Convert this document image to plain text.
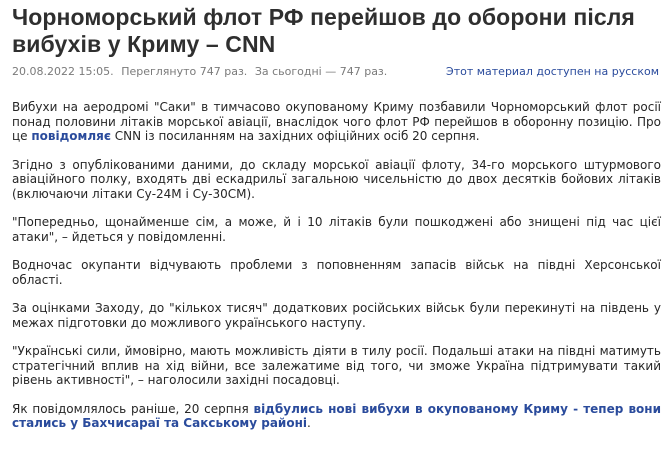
Чорноморський флот РФ перейшов до оборони після вибухів у Криму – CNN
20.08.2022 15:05. Переглянуто 747 раз. За сьогодні — 747 раз.	Этот материал доступен на русском

Вибухи на аеродромі "Саки" в тимчасово окупованому Криму позбавили Чорноморський флот росії понад половини літаків морської авіації, внаслідок чого флот РФ перейшов в оборонну позицію. Про це повідомляє CNN із посиланням на західних офіційних осіб 20 серпня.

Згідно з опублікованими даними, до складу морської авіації флоту, 34-го морського штурмового авіаційного полку, входять дві ескадрильї загальною чисельністю до двох десятків бойових літаків (включаючи літаки Су-24М і Су-30СМ).

"Попередньо, щонайменше сім, а може, й і 10 літаків були пошкоджені або знищені під час цієї атаки", – йдеться у повідомленні.

Водночас окупанти відчувають проблеми з поповненням запасів військ на півдні Херсонської області.

За оцінками Заходу, до "кількох тисяч" додаткових російських військ були перекинуті на південь у межах підготовки до можливого українського наступу.

"Українські сили, ймовірно, мають можливість діяти в тилу росії. Подальші атаки на півдні матимуть стратегічний вплив на хід війни, все залежатиме від того, чи зможе Україна підтримувати такий рівень активності", – наголосили західні посадовці.

Як повідомлялось раніше, 20 серпня відбулись нові вибухи в окупованому Криму - тепер вони стались у Бахчисараї та Сакському районі.
